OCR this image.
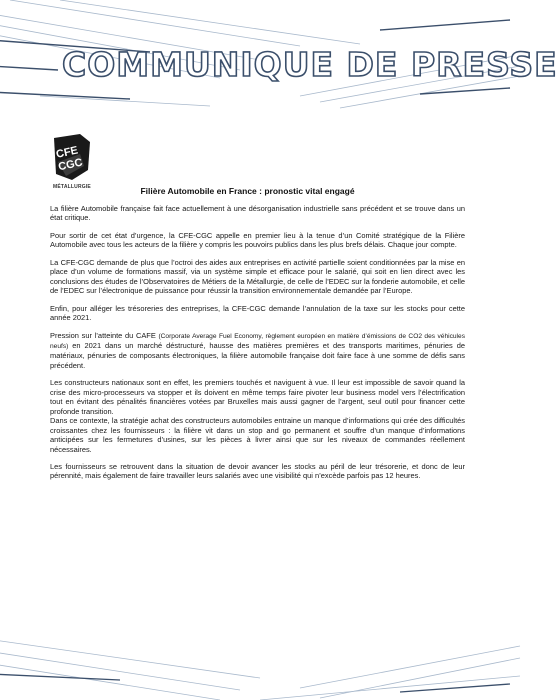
COMMUNIQUE DE PRESSE
CFE
CGC
MÉTALLURGIE	Filière Automobile en France : pronostic vital engagé

La filière Automobile française fait face actuellement à une désorganisation industrielle sans précédent et se trouve dans un état critique.

Pour sortir de cet état d’urgence, la CFE-CGC appelle en premier lieu à la tenue d’un Comité stratégique de la Filière Automobile avec tous les acteurs de la filière y compris les pouvoirs publics dans les plus brefs délais. Chaque jour compte.

La CFE-CGC demande de plus que l’octroi des aides aux entreprises en activité partielle soient conditionnées par la mise en place d’un volume de formations massif, via un système simple et efficace pour le salarié, qui soit en lien direct avec les conclusions des études de l’Observatoires de Métiers de la Métallurgie, de celle de l’EDEC sur la fonderie automobile, et celle de l’EDEC sur l’électronique de puissance pour réussir la transition environnementale demandée par l’Europe.

Enfin, pour alléger les trésoreries des entreprises, la CFE-CGC demande l’annulation de la taxe sur les stocks pour cette année 2021.

Pression sur l’atteinte du CAFE (Corporate Average Fuel Economy, règlement européen en matière d’émissions de CO2 des véhicules neufs) en 2021 dans un marché déstructuré, hausse des matières premières et des transports maritimes, pénuries de matériaux, pénuries de composants électroniques, la filière automobile française doit faire face à une somme de défis sans précédent.

Les constructeurs nationaux sont en effet, les premiers touchés et naviguent à vue. Il leur est impossible de savoir quand la crise des micro-processeurs va stopper et ils doivent en même temps faire pivoter leur business model vers l’électrification tout en évitant des pénalités financières votées par Bruxelles mais aussi gagner de l’argent, seul outil pour financer cette profonde transition.

Dans ce contexte, la stratégie achat des constructeurs automobiles entraine un manque d’informations qui crée des difficultés croissantes chez les fournisseurs : la filière vit dans un stop and go permanent et souffre d’un manque d’informations anticipées sur les fermetures d’usines, sur les pièces à livrer ainsi que sur les niveaux de commandes réellement nécessaires.

Les fournisseurs se retrouvent dans la situation de devoir avancer les stocks au péril de leur trésorerie, et donc de leur pérennité, mais également de faire travailler leurs salariés avec une visibilité qui n’excède parfois pas 12 heures.
